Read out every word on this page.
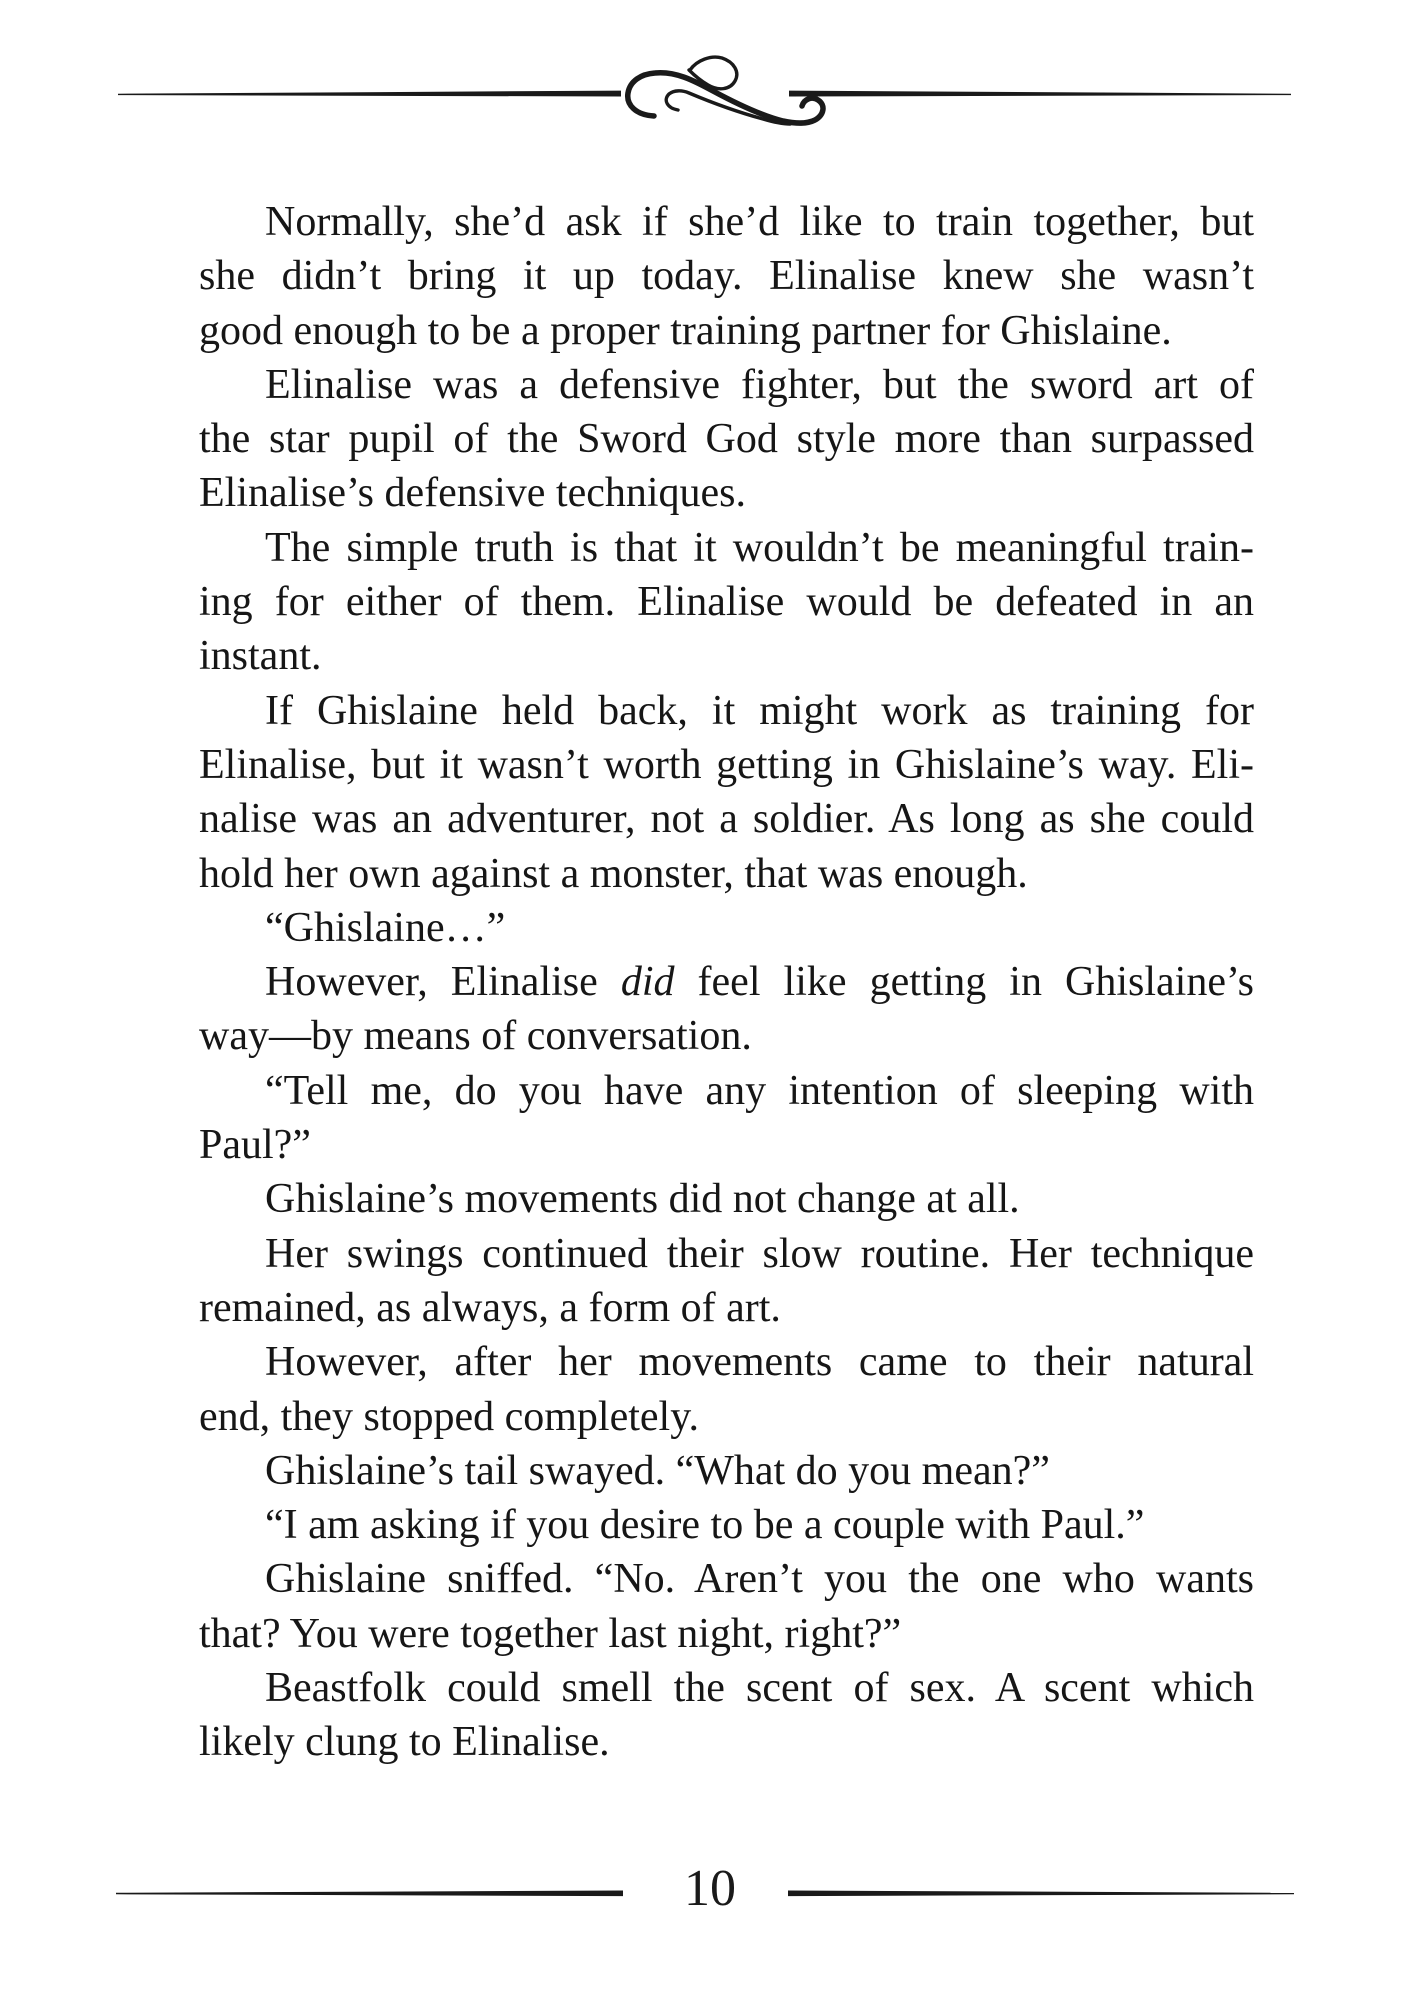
Normally, she’d ask if she’d like to train together, but
she didn’t bring it up today. Elinalise knew she wasn’t
good enough to be a proper training partner for Ghislaine.
Elinalise was a defensive fighter, but the sword art of
the star pupil of the Sword God style more than surpassed
Elinalise’s defensive techniques.
The simple truth is that it wouldn’t be meaningful train-
ing for either of them. Elinalise would be defeated in an
instant.
If Ghislaine held back, it might work as training for
Elinalise, but it wasn’t worth getting in Ghislaine’s way. Eli-
nalise was an adventurer, not a soldier. As long as she could
hold her own against a monster, that was enough.
“Ghislaine…”
However, Elinalise did feel like getting in Ghislaine’s
way—by means of conversation.
“Tell me, do you have any intention of sleeping with
Paul?”
Ghislaine’s movements did not change at all.
Her swings continued their slow routine. Her technique
remained, as always, a form of art.
However, after her movements came to their natural
end, they stopped completely.
Ghislaine’s tail swayed. “What do you mean?”
“I am asking if you desire to be a couple with Paul.”
Ghislaine sniffed. “No. Aren’t you the one who wants
that? You were together last night, right?”
Beastfolk could smell the scent of sex. A scent which
likely clung to Elinalise.
10
